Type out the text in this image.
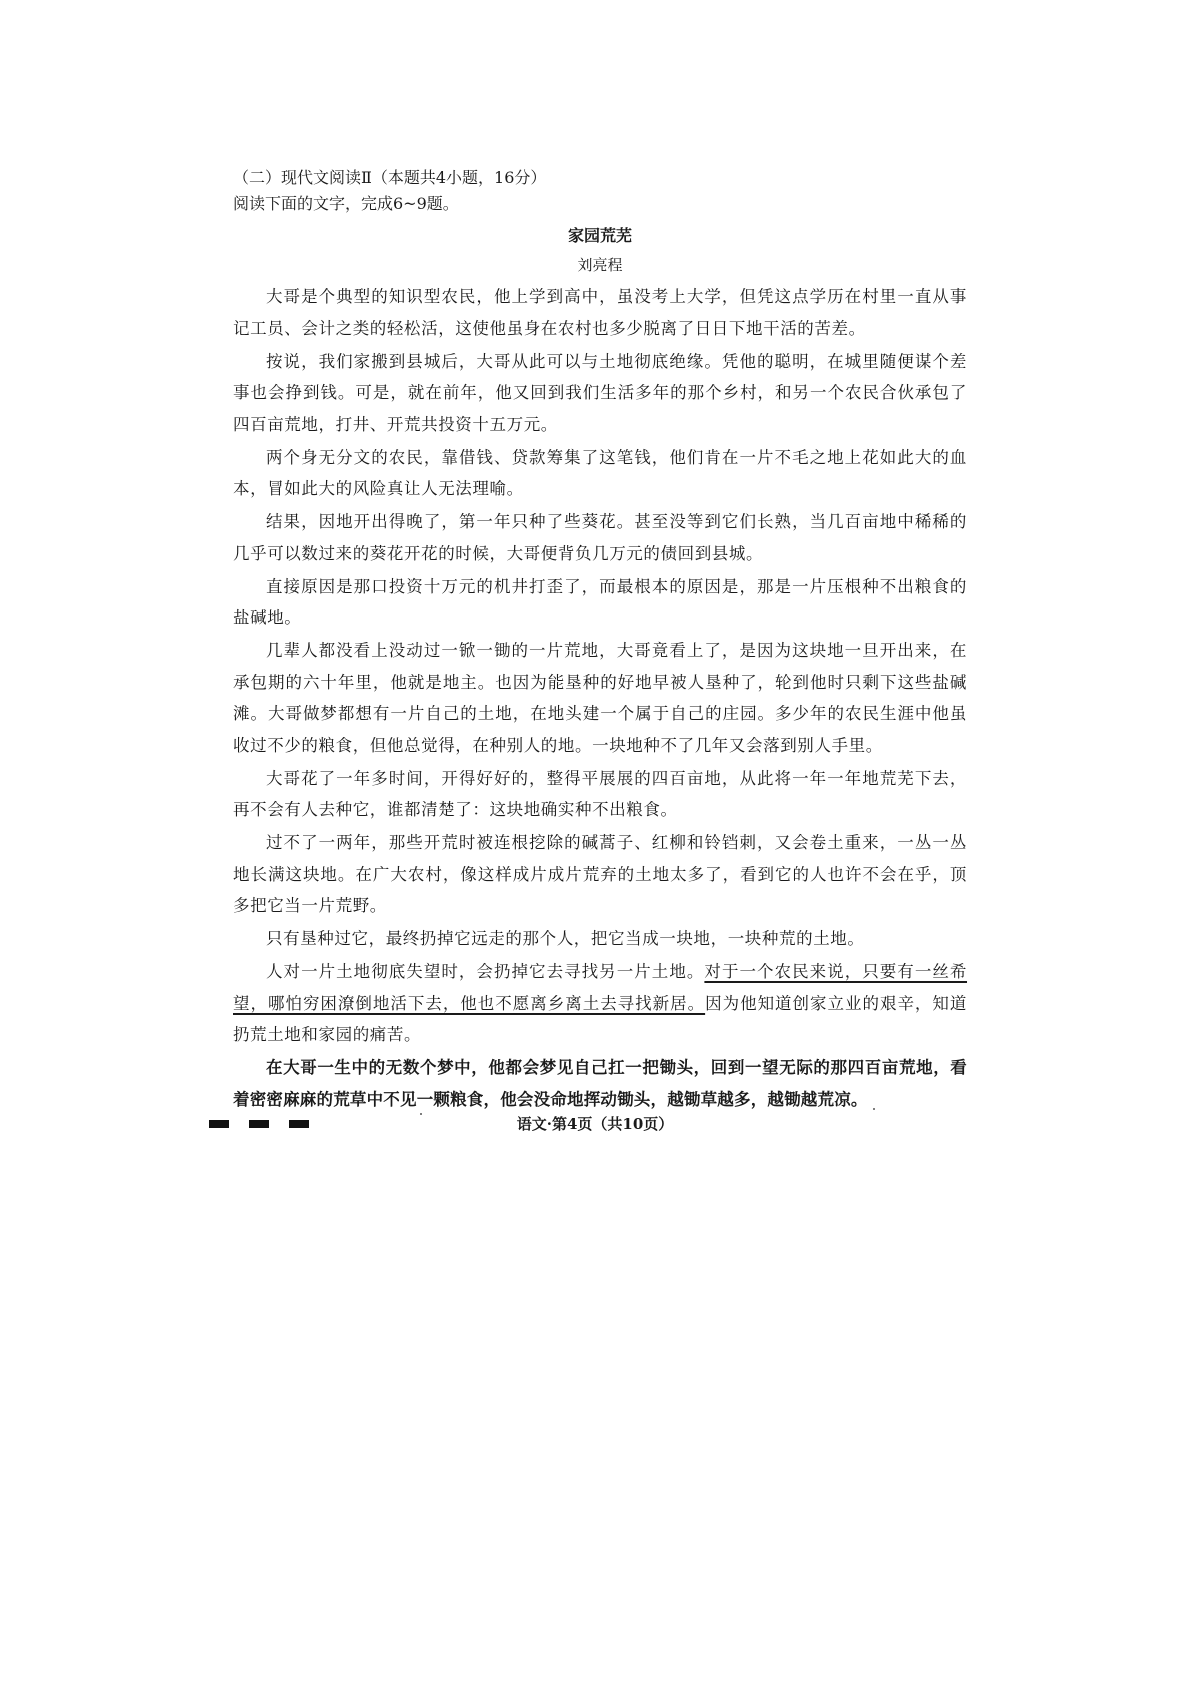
（二）现代文阅读Ⅱ（本题共4小题，16分）

阅读下面的文字，完成6~9题。

家园荒芜
刘亮程

大哥是个典型的知识型农民，他上学到高中，虽没考上大学，但凭这点学历在村里一直从事记工员、会计之类的轻松活，这使他虽身在农村也多少脱离了日日下地干活的苦差。

按说，我们家搬到县城后，大哥从此可以与土地彻底绝缘。凭他的聪明，在城里随便谋个差事也会挣到钱。可是，就在前年，他又回到我们生活多年的那个乡村，和另一个农民合伙承包了四百亩荒地，打井、开荒共投资十五万元。

两个身无分文的农民，靠借钱、贷款筹集了这笔钱，他们肯在一片不毛之地上花如此大的血本，冒如此大的风险真让人无法理喻。

结果，因地开出得晚了，第一年只种了些葵花。甚至没等到它们长熟，当几百亩地中稀稀的几乎可以数过来的葵花开花的时候，大哥便背负几万元的债回到县城。

直接原因是那口投资十万元的机井打歪了，而最根本的原因是，那是一片压根种不出粮食的盐碱地。

几辈人都没看上没动过一锨一锄的一片荒地，大哥竟看上了，是因为这块地一旦开出来，在承包期的六十年里，他就是地主。也因为能垦种的好地早被人垦种了，轮到他时只剩下这些盐碱滩。大哥做梦都想有一片自己的土地，在地头建一个属于自己的庄园。多少年的农民生涯中他虽收过不少的粮食，但他总觉得，在种别人的地。一块地种不了几年又会落到别人手里。

大哥花了一年多时间，开得好好的，整得平展展的四百亩地，从此将一年一年地荒芜下去，再不会有人去种它，谁都清楚了：这块地确实种不出粮食。

过不了一两年，那些开荒时被连根挖除的碱蒿子、红柳和铃铛刺，又会卷土重来，一丛一丛地长满这块地。在广大农村，像这样成片成片荒弃的土地太多了，看到它的人也许不会在乎，顶多把它当一片荒野。

只有垦种过它，最终扔掉它远走的那个人，把它当成一块地，一块种荒的土地。

人对一片土地彻底失望时，会扔掉它去寻找另一片土地。对于一个农民来说，只要有一丝希望，哪怕穷困潦倒地活下去，他也不愿离乡离土去寻找新居。因为他知道创家立业的艰辛，知道扔荒土地和家园的痛苦。

在大哥一生中的无数个梦中，他都会梦见自己扛一把锄头，回到一望无际的那四百亩荒地，看着密密麻麻的荒草中不见一颗粮食，他会没命地挥动锄头，越锄草越多，越锄越荒凉。

语文·第4页（共10页）
